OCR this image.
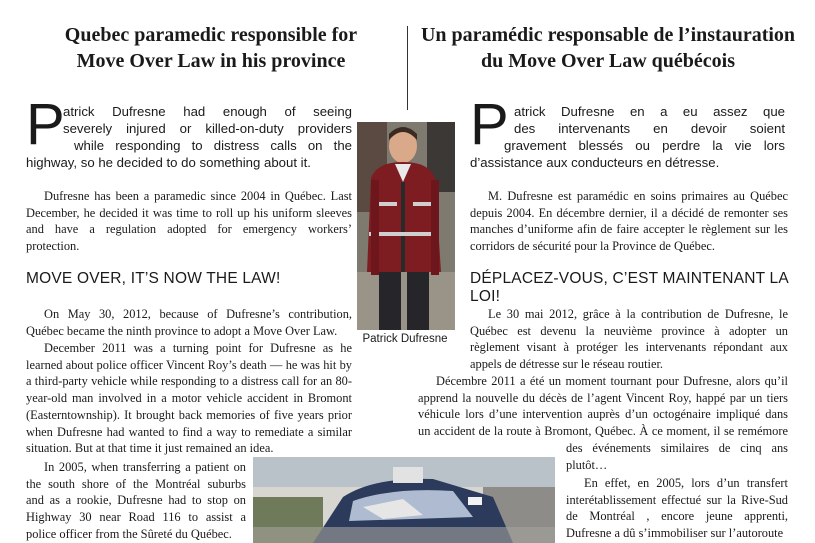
Quebec paramedic responsible for
Move Over Law in his province
Un paramédic responsable de l’instauration
du Move Over Law québécois
P
atrick Dufresne had enough of seeing
severely injured or killed-on-duty providers
while responding to distress calls on the
highway, so he decided to do something about it.

Dufresne has been a paramedic since 2004 in Québec. Last December, he decided it was time to roll up his uniform sleeves and have a regulation adopted for emergency workers’ protection.

MOVE OVER, IT’S NOW THE LAW!

On May 30, 2012, because of Dufresne’s contribution, Québec became the ninth province to adopt a Move Over Law.

December 2011 was a turning point for Dufresne as he learned about police officer Vincent Roy’s death — he was hit by a third-party vehicle while responding to a distress call for an 80-year-old man involved in a motor vehicle accident in Bromont (Easterntownship). It brought back memories of five years prior when Dufresne had wanted to find a way to remediate a similar situation. But at that time it just remained an idea.

In 2005, when transferring a patient on
the south shore of the Montréal suburbs
and as a rookie, Dufresne had to stop on
Highway 30 near Road 116 to assist a
police officer from the Sûreté du Québec.
Patrick Dufresne
P atrick Dufresne en a eu assez que
des intervenants en devoir soient
gravement blessés ou perdre la vie lors
d’assistance aux conducteurs en détresse.

M. Dufresne est paramédic en soins primaires au Québec depuis 2004. En décembre dernier, il a décidé de remonter ses manches d’uniforme afin de faire accepter le règlement sur les corridors de sécurité pour la Province de Québec.

DÉPLACEZ-VOUS, C’EST MAINTENANT LA LOI!

Le 30 mai 2012, grâce à la contribution de Dufresne, le Québec est devenu la neuvième province à adopter un règlement visant à protéger les intervenants répondant aux appels de détresse sur le réseau routier.

Décembre 2011 a été un moment tournant pour Dufresne, alors qu’il
apprend la nouvelle du décès de l’agent Vincent Roy, happé par un tiers
véhicule lors d’une intervention auprès d’un octogénaire impliqué dans
un accident de la route à Bromont, Québec. À ce moment, il se remémore
des événements similaires de cinq ans
plutôt…
En effet, en 2005, lors d’un transfert
interétablissement effectué sur la Rive-Sud
de Montréal , encore jeune apprenti,
Dufresne a dû s’immobiliser sur l’autoroute
